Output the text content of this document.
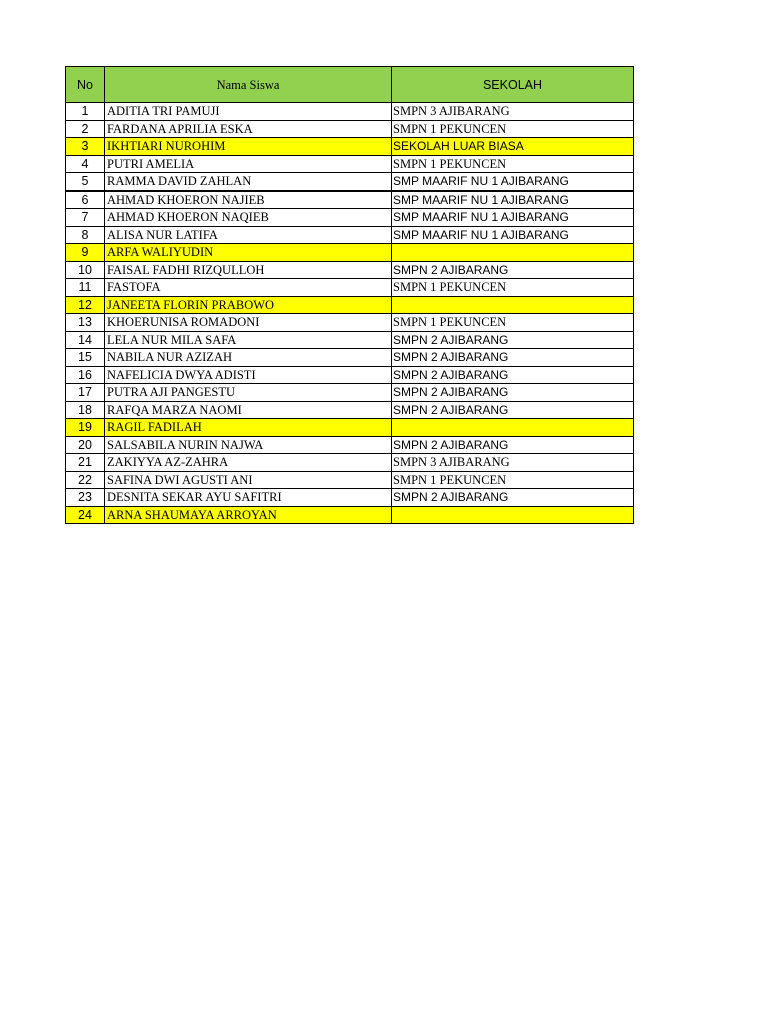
No	Nama Siswa	SEKOLAH
1	ADITIA TRI PAMUJI	SMPN 3 AJIBARANG
2	FARDANA APRILIA ESKA	SMPN 1 PEKUNCEN
3	IKHTIARI NUROHIM	SEKOLAH LUAR BIASA
4	PUTRI AMELIA	SMPN 1 PEKUNCEN
5	RAMMA DAVID ZAHLAN	SMP MAARIF NU 1 AJIBARANG
6	AHMAD KHOERON NAJIEB	SMP MAARIF NU 1 AJIBARANG
7	AHMAD KHOERON NAQIEB	SMP MAARIF NU 1 AJIBARANG
8	ALISA NUR LATIFA	SMP MAARIF NU 1 AJIBARANG
9	ARFA WALIYUDIN	
10	FAISAL FADHI RIZQULLOH	SMPN 2 AJIBARANG
11	FASTOFA	SMPN 1 PEKUNCEN
12	JANEETA FLORIN PRABOWO	
13	KHOERUNISA ROMADONI	SMPN 1 PEKUNCEN
14	LELA NUR MILA SAFA	SMPN 2 AJIBARANG
15	NABILA NUR AZIZAH	SMPN 2 AJIBARANG
16	NAFELICIA DWYA ADISTI	SMPN 2 AJIBARANG
17	PUTRA AJI PANGESTU	SMPN 2 AJIBARANG
18	RAFQA MARZA NAOMI	SMPN 2 AJIBARANG
19	RAGIL FADILAH	
20	SALSABILA NURIN NAJWA	SMPN 2 AJIBARANG
21	ZAKIYYA AZ-ZAHRA	SMPN 3 AJIBARANG
22	SAFINA DWI AGUSTI ANI	SMPN 1 PEKUNCEN
23	DESNITA SEKAR AYU SAFITRI	SMPN 2 AJIBARANG
24	ARNA SHAUMAYA ARROYAN	
